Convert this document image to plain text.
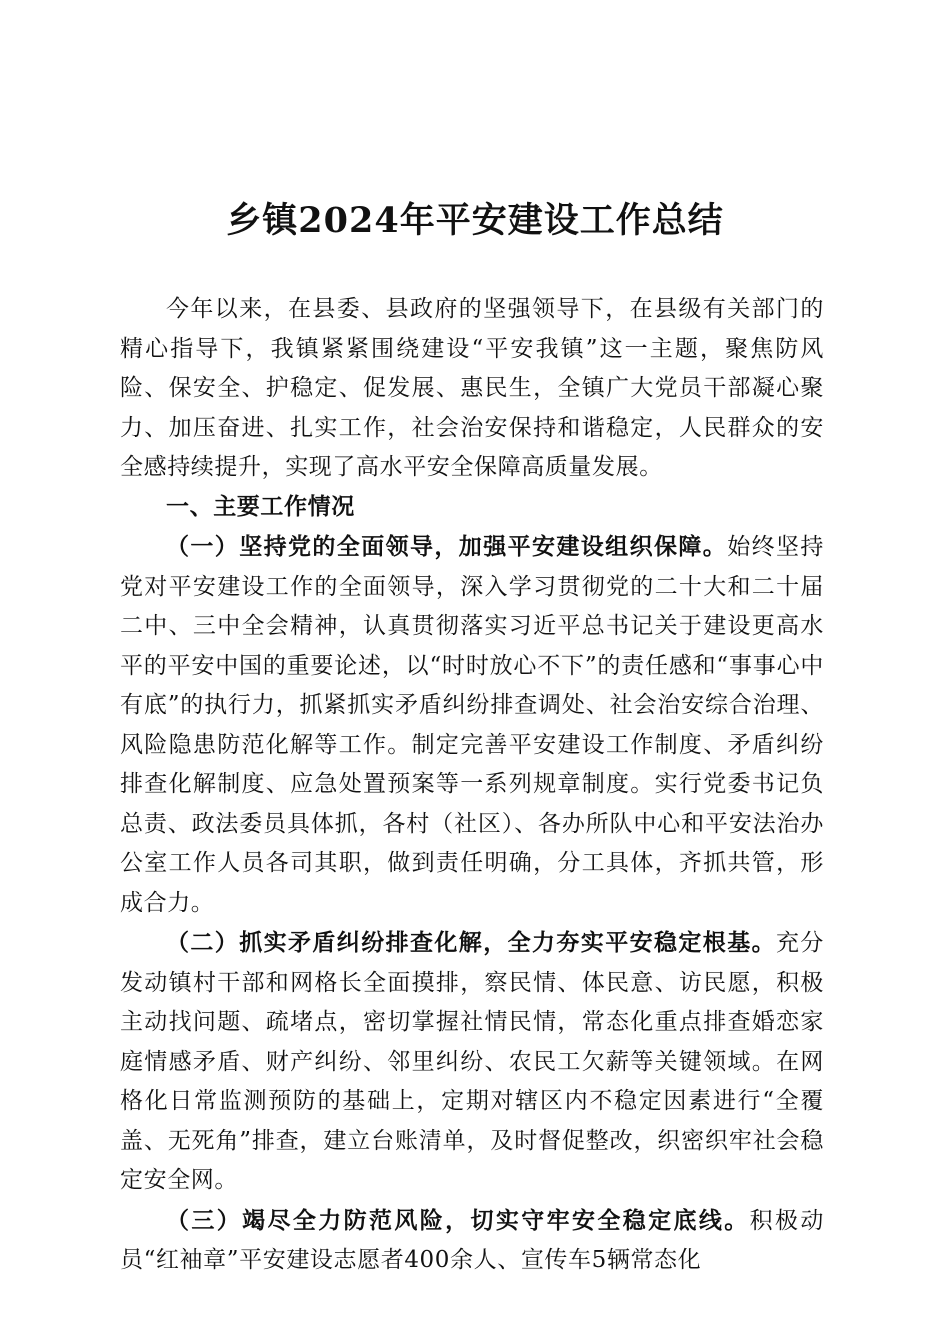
乡镇2024年平安建设工作总结

今年以来，在县委、县政府的坚强领导下，在县级有关部门的精心指导下，我镇紧紧围绕建设“平安我镇”这一主题，聚焦防风险、保安全、护稳定、促发展、惠民生，全镇广大党员干部凝心聚力、加压奋进、扎实工作，社会治安保持和谐稳定，人民群众的安全感持续提升，实现了高水平安全保障高质量发展。

一、主要工作情况

（一）坚持党的全面领导，加强平安建设组织保障。始终坚持党对平安建设工作的全面领导，深入学习贯彻党的二十大和二十届二中、三中全会精神，认真贯彻落实习近平总书记关于建设更高水平的平安中国的重要论述，以“时时放心不下”的责任感和“事事心中有底”的执行力，抓紧抓实矛盾纠纷排查调处、社会治安综合治理、风险隐患防范化解等工作。制定完善平安建设工作制度、矛盾纠纷排查化解制度、应急处置预案等一系列规章制度。实行党委书记负总责、政法委员具体抓，各村（社区）、各办所队中心和平安法治办公室工作人员各司其职，做到责任明确，分工具体，齐抓共管，形成合力。

（二）抓实矛盾纠纷排查化解，全力夯实平安稳定根基。充分发动镇村干部和网格长全面摸排，察民情、体民意、访民愿，积极主动找问题、疏堵点，密切掌握社情民情，常态化重点排查婚恋家庭情感矛盾、财产纠纷、邻里纠纷、农民工欠薪等关键领域。在网格化日常监测预防的基础上，定期对辖区内不稳定因素进行“全覆盖、无死角”排查，建立台账清单，及时督促整改，织密织牢社会稳定安全网。

（三）竭尽全力防范风险，切实守牢安全稳定底线。积极动员“红袖章”平安建设志愿者400余人、宣传车5辆常态化
